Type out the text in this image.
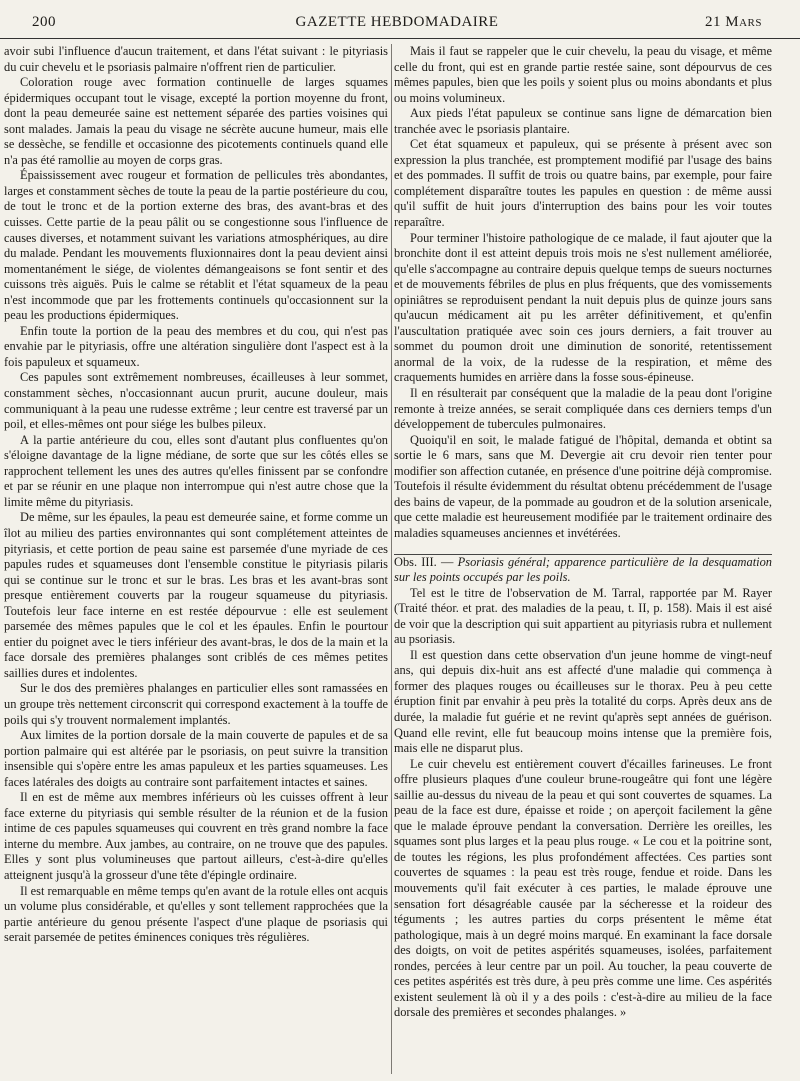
200	GAZETTE HEBDOMADAIRE	21 Mars

avoir subi l'influence d'aucun traitement, et dans l'état suivant : le pityriasis du cuir chevelu et le psoriasis palmaire n'offrent rien de particulier.

Coloration rouge avec formation continuelle de larges squames épidermiques occupant tout le visage, excepté la portion moyenne du front, dont la peau demeurée saine est nettement séparée des parties voisines qui sont malades. Jamais la peau du visage ne sécrète aucune humeur, mais elle se dessèche, se fendille et occasionne des picotements continuels quand elle n'a pas été ramollie au moyen de corps gras.

Épaississement avec rougeur et formation de pellicules très abondantes, larges et constamment sèches de toute la peau de la partie postérieure du cou, de tout le tronc et de la portion externe des bras, des avant-bras et des cuisses. Cette partie de la peau pâlit ou se congestionne sous l'influence de causes diverses, et notamment suivant les variations atmosphériques, au dire du malade. Pendant les mouvements fluxionnaires dont la peau devient ainsi momentanément le siége, de violentes démangeaisons se font sentir et des cuissons très aiguës. Puis le calme se rétablit et l'état squameux de la peau n'est incommode que par les frottements continuels qu'occasionnent sur la peau les productions épidermiques.

Enfin toute la portion de la peau des membres et du cou, qui n'est pas envahie par le pityriasis, offre une altération singulière dont l'aspect est à la fois papuleux et squameux.

Ces papules sont extrêmement nombreuses, écailleuses à leur sommet, constamment sèches, n'occasionnant aucun prurit, aucune douleur, mais communiquant à la peau une rudesse extrême ; leur centre est traversé par un poil, et elles-mêmes ont pour siége les bulbes pileux.

A la partie antérieure du cou, elles sont d'autant plus confluentes qu'on s'éloigne davantage de la ligne médiane, de sorte que sur les côtés elles se rapprochent tellement les unes des autres qu'elles finissent par se confondre et par se réunir en une plaque non interrompue qui n'est autre chose que la limite même du pityriasis.

De même, sur les épaules, la peau est demeurée saine, et forme comme un îlot au milieu des parties environnantes qui sont complétement atteintes de pityriasis, et cette portion de peau saine est parsemée d'une myriade de ces papules rudes et squameuses dont l'ensemble constitue le pityriasis pilaris qui se continue sur le tronc et sur le bras. Les bras et les avant-bras sont presque entièrement couverts par la rougeur squameuse du pityriasis. Toutefois leur face interne en est restée dépourvue : elle est seulement parsemée des mêmes papules que le col et les épaules. Enfin le pourtour entier du poignet avec le tiers inférieur des avant-bras, le dos de la main et la face dorsale des premières phalanges sont criblés de ces mêmes petites saillies dures et indolentes.

Sur le dos des premières phalanges en particulier elles sont ramassées en un groupe très nettement circonscrit qui correspond exactement à la touffe de poils qui s'y trouvent normalement implantés.

Aux limites de la portion dorsale de la main couverte de papules et de sa portion palmaire qui est altérée par le psoriasis, on peut suivre la transition insensible qui s'opère entre les amas papuleux et les parties squameuses. Les faces latérales des doigts au contraire sont parfaitement intactes et saines.

Il en est de même aux membres inférieurs où les cuisses offrent à leur face externe du pityriasis qui semble résulter de la réunion et de la fusion intime de ces papules squameuses qui couvrent en très grand nombre la face interne du membre. Aux jambes, au contraire, on ne trouve que des papules. Elles y sont plus volumineuses que partout ailleurs, c'est-à-dire qu'elles atteignent jusqu'à la grosseur d'une tête d'épingle ordinaire.

Il est remarquable en même temps qu'en avant de la rotule elles ont acquis un volume plus considérable, et qu'elles y sont tellement rapprochées que la partie antérieure du genou présente l'aspect d'une plaque de psoriasis qui serait parsemée de petites éminences coniques très régulières.

Mais il faut se rappeler que le cuir chevelu, la peau du visage, et même celle du front, qui est en grande partie restée saine, sont dépourvus de ces mêmes papules, bien que les poils y soient plus ou moins abondants et plus ou moins volumineux.

Aux pieds l'état papuleux se continue sans ligne de démarcation bien tranchée avec le psoriasis plantaire.

Cet état squameux et papuleux, qui se présente à présent avec son expression la plus tranchée, est promptement modifié par l'usage des bains et des pommades. Il suffit de trois ou quatre bains, par exemple, pour faire complétement disparaître toutes les papules en question : de même aussi qu'il suffit de huit jours d'interruption des bains pour les voir toutes reparaître.

Pour terminer l'histoire pathologique de ce malade, il faut ajouter que la bronchite dont il est atteint depuis trois mois ne s'est nullement améliorée, qu'elle s'accompagne au contraire depuis quelque temps de sueurs nocturnes et de mouvements fébriles de plus en plus fréquents, que des vomissements opiniâtres se reproduisent pendant la nuit depuis plus de quinze jours sans qu'aucun médicament ait pu les arrêter définitivement, et qu'enfin l'auscultation pratiquée avec soin ces jours derniers, a fait trouver au sommet du poumon droit une diminution de sonorité, retentissement anormal de la voix, de la rudesse de la respiration, et même des craquements humides en arrière dans la fosse sous-épineuse.

Il en résulterait par conséquent que la maladie de la peau dont l'origine remonte à treize années, se serait compliquée dans ces derniers temps d'un développement de tubercules pulmonaires.

Quoiqu'il en soit, le malade fatigué de l'hôpital, demanda et obtint sa sortie le 6 mars, sans que M. Devergie ait cru devoir rien tenter pour modifier son affection cutanée, en présence d'une poitrine déjà compromise. Toutefois il résulte évidemment du résultat obtenu précédemment de l'usage des bains de vapeur, de la pommade au goudron et de la solution arsenicale, que cette maladie est heureusement modifiée par le traitement ordinaire des maladies squameuses anciennes et invétérées.

Obs. III. — Psoriasis général; apparence particulière de la desquamation sur les points occupés par les poils.

Tel est le titre de l'observation de M. Tarral, rapportée par M. Rayer (Traité théor. et prat. des maladies de la peau, t. II, p. 158). Mais il est aisé de voir que la description qui suit appartient au pityriasis rubra et nullement au psoriasis.

Il est question dans cette observation d'un jeune homme de vingt-neuf ans, qui depuis dix-huit ans est affecté d'une maladie qui commença à former des plaques rouges ou écailleuses sur le thorax. Peu à peu cette éruption finit par envahir à peu près la totalité du corps. Après deux ans de durée, la maladie fut guérie et ne revint qu'après sept années de guérison. Quand elle revint, elle fut beaucoup moins intense que la première fois, mais elle ne disparut plus.

Le cuir chevelu est entièrement couvert d'écailles farineuses. Le front offre plusieurs plaques d'une couleur brune-rougeâtre qui font une légère saillie au-dessus du niveau de la peau et qui sont couvertes de squames. La peau de la face est dure, épaisse et roide ; on aperçoit facilement la gêne que le malade éprouve pendant la conversation. Derrière les oreilles, les squames sont plus larges et la peau plus rouge. « Le cou et la poitrine sont, de toutes les régions, les plus profondément affectées. Ces parties sont couvertes de squames : la peau est très rouge, fendue et roide. Dans les mouvements qu'il fait exécuter à ces parties, le malade éprouve une sensation fort désagréable causée par la sécheresse et la roideur des téguments ; les autres parties du corps présentent le même état pathologique, mais à un degré moins marqué. En examinant la face dorsale des doigts, on voit de petites aspérités squameuses, isolées, parfaitement rondes, percées à leur centre par un poil. Au toucher, la peau couverte de ces petites aspérités est très dure, à peu près comme une lime. Ces aspérités existent seulement là où il y a des poils : c'est-à-dire au milieu de la face dorsale des premières et secondes phalanges. »
